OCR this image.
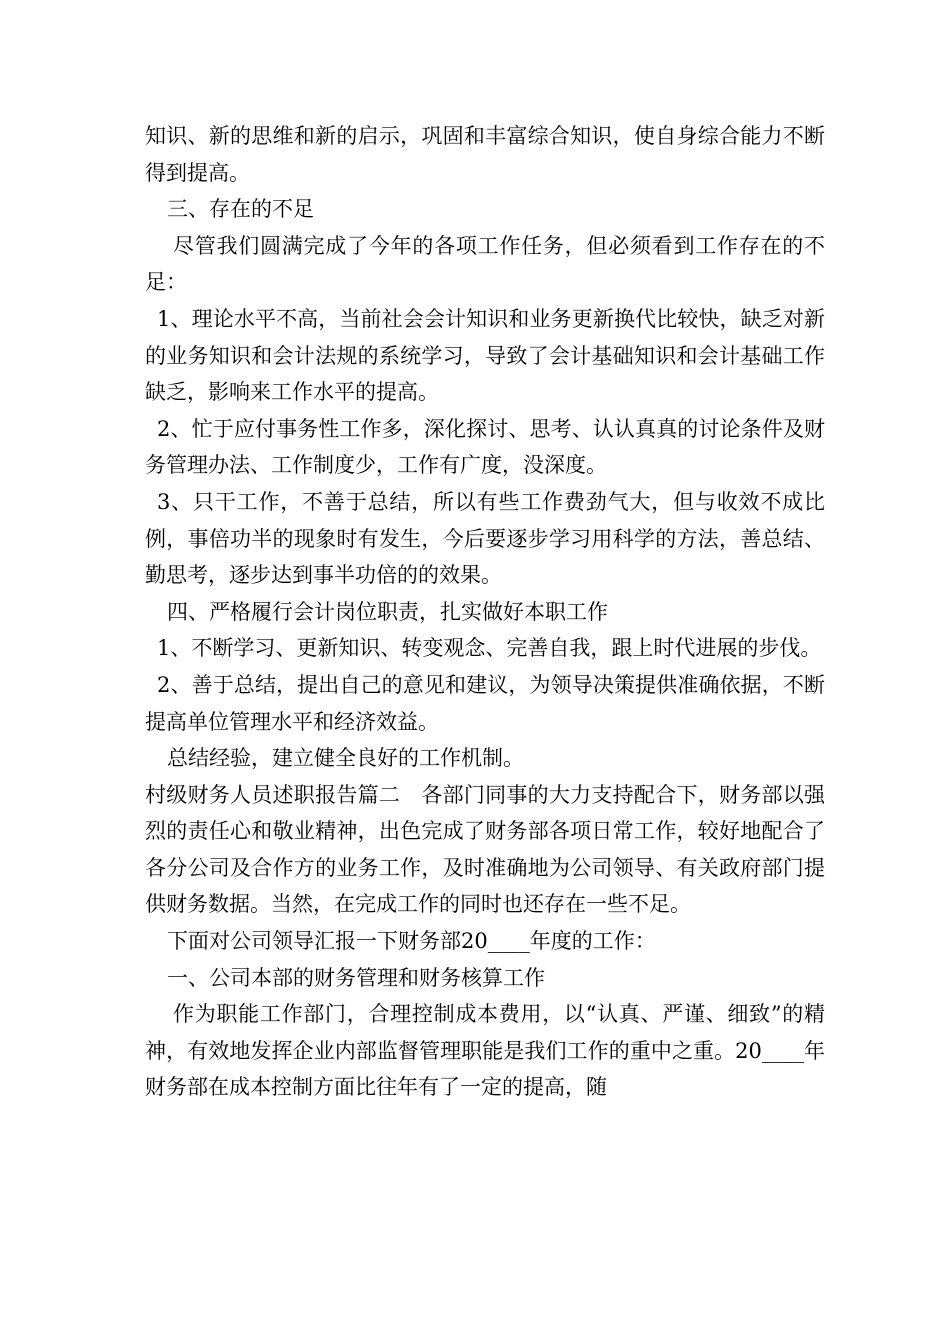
知识、新的思维和新的启示，巩固和丰富综合知识，使自身综合能力不断得到提高。

三、存在的不足

尽管我们圆满完成了今年的各项工作任务，但必须看到工作存在的不足：

1、理论水平不高，当前社会会计知识和业务更新换代比较快，缺乏对新的业务知识和会计法规的系统学习，导致了会计基础知识和会计基础工作缺乏，影响来工作水平的提高。

2、忙于应付事务性工作多，深化探讨、思考、认认真真的讨论条件及财务管理办法、工作制度少，工作有广度，没深度。

3、只干工作，不善于总结，所以有些工作费劲气大，但与收效不成比例，事倍功半的现象时有发生，今后要逐步学习用科学的方法，善总结、勤思考，逐步达到事半功倍的的效果。

四、严格履行会计岗位职责，扎实做好本职工作

1、不断学习、更新知识、转变观念、完善自我，跟上时代进展的步伐。

2、善于总结，提出自己的意见和建议，为领导决策提供准确依据，不断提高单位管理水平和经济效益。

总结经验，建立健全良好的工作机制。

村级财务人员述职报告篇二　各部门同事的大力支持配合下，财务部以强烈的责任心和敬业精神，出色完成了财务部各项日常工作，较好地配合了各分公司及合作方的业务工作，及时准确地为公司领导、有关政府部门提供财务数据。当然，在完成工作的同时也还存在一些不足。

下面对公司领导汇报一下财务部20____年度的工作：

一、公司本部的财务管理和财务核算工作

作为职能工作部门，合理控制成本费用，以“认真、严谨、细致”的精神，有效地发挥企业内部监督管理职能是我们工作的重中之重。20____年财务部在成本控制方面比往年有了一定的提高，随
